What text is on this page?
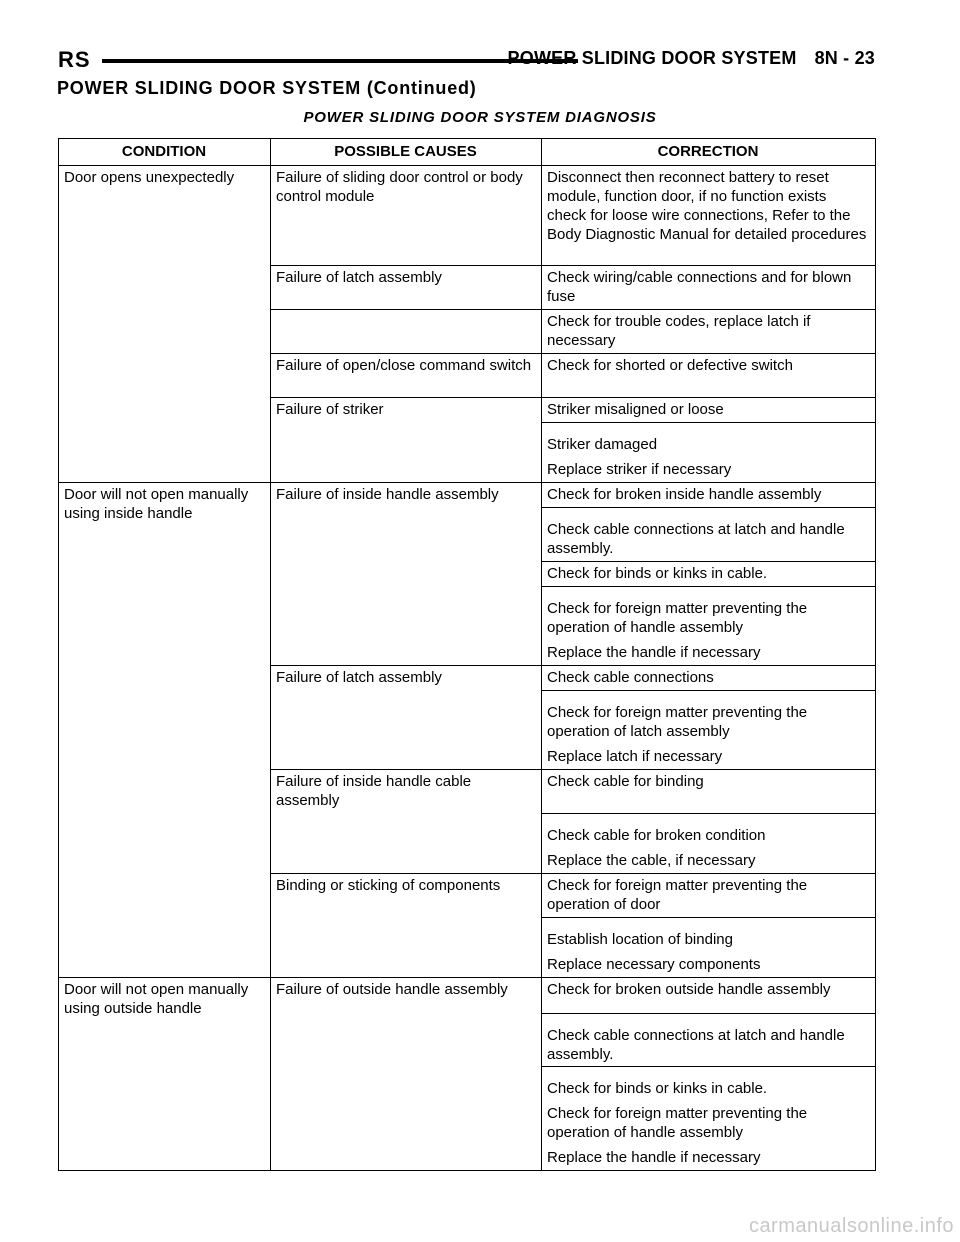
RS	POWER SLIDING DOOR SYSTEM 8N - 23
POWER SLIDING DOOR SYSTEM (Continued)
POWER SLIDING DOOR SYSTEM DIAGNOSIS
CONDITION	POSSIBLE CAUSES	CORRECTION
Door opens unexpectedly	Failure of sliding door control or body control module	Disconnect then reconnect battery to reset module, function door, if no function exists check for loose wire connections, Refer to the Body Diagnostic Manual for detailed procedures

	Failure of latch assembly	Check wiring/cable connections and for blown fuse

		Check for trouble codes, replace latch if necessary

	Failure of open/close command switch	Check for shorted or defective switch

	Failure of striker	Striker misaligned or loose
Striker damaged
Replace striker if necessary

Door will not open manually using inside handle	Failure of inside handle assembly	Check for broken inside handle assembly
Check cable connections at latch and handle assembly.

		Check for binds or kinks in cable.
Check for foreign matter preventing the operation of handle assembly
Replace the handle if necessary

	Failure of latch assembly	Check cable connections
Check for foreign matter preventing the operation of latch assembly
Replace latch if necessary

	Failure of inside handle cable assembly	Check cable for binding
Check cable for broken condition
Replace the cable, if necessary

	Binding or sticking of components	Check for foreign matter preventing the operation of door
Establish location of binding
Replace necessary components

Door will not open manually using outside handle	Failure of outside handle assembly	Check for broken outside handle assembly
Check cable connections at latch and handle assembly.
Check for binds or kinks in cable.
Check for foreign matter preventing the operation of handle assembly
Replace the handle if necessary
carmanualsonline.info
